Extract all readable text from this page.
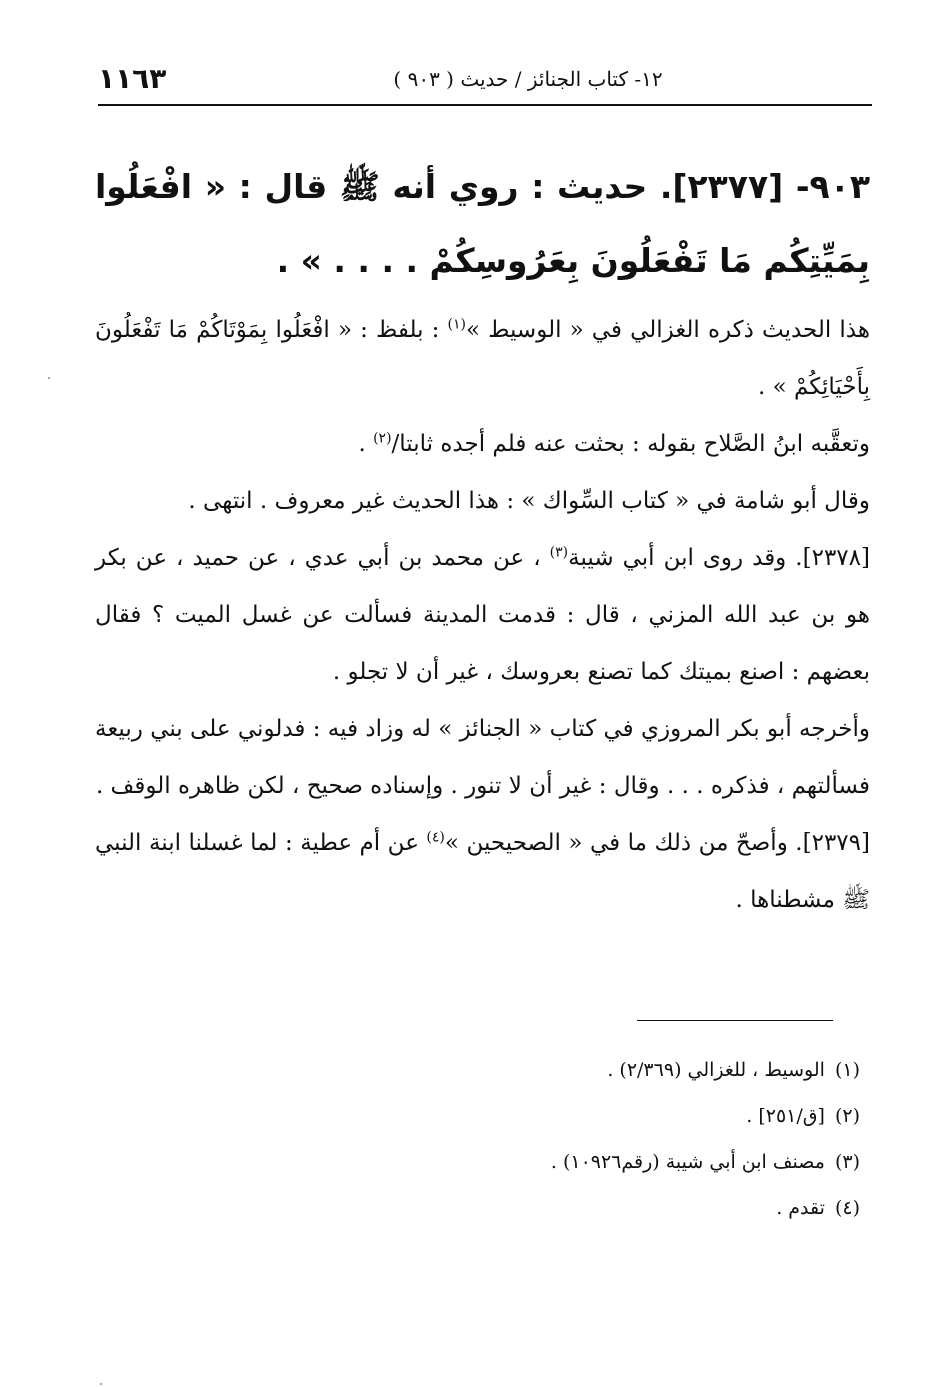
١١٦٣	١٢- كتاب الجنائز / حديث ( ٩٠٣ )

٩٠٣- [٢٣٧٧]. حديث : روي أنه ﷺ قال : « افْعَلُوا بِمَيِّتِكُم مَا تَفْعَلُونَ بِعَرُوسِكُمْ . . . . » .

هذا الحديث ذكره الغزالي في « الوسيط »$^{(١)}$ : بلفظ : « افْعَلُوا بِمَوْتَاكُمْ مَا تَفْعَلُونَ بِأَحْيَائِكُمْ » .

وتعقَّبه ابنُ الصَّلاح بقوله : بحثت عنه فلم أجده ثابتا/$^{(٢)}$ .

وقال أبو شامة في « كتاب السِّواك » : هذا الحديث غير معروف . انتهى .

[٢٣٧٨]. وقد روى ابن أبي شيبة$^{(٣)}$ ، عن محمد بن أبي عدي ، عن حميد ، عن بكر هو بن عبد الله المزني ، قال : قدمت المدينة فسألت عن غسل الميت ؟ فقال بعضهم : اصنع بميتك كما تصنع بعروسك ، غير أن لا تجلو .

وأخرجه أبو بكر المروزي في كتاب « الجنائز » له وزاد فيه : فدلوني على بني ربيعة فسألتهم ، فذكره . . . وقال : غير أن لا تنور . وإسناده صحيح ، لكن ظاهره الوقف .

[٢٣٧٩]. وأصحّ من ذلك ما في « الصحيحين »$^{(٤)}$ عن أم عطية : لما غسلنا ابنة النبي ﷺ مشطناها .

(١)الوسيط ، للغزالي (٢/٣٦٩) .
(٢)[ق/٢٥١] .
(٣)مصنف ابن أبي شيبة (رقم١٠٩٢٦) .
(٤)تقدم .
